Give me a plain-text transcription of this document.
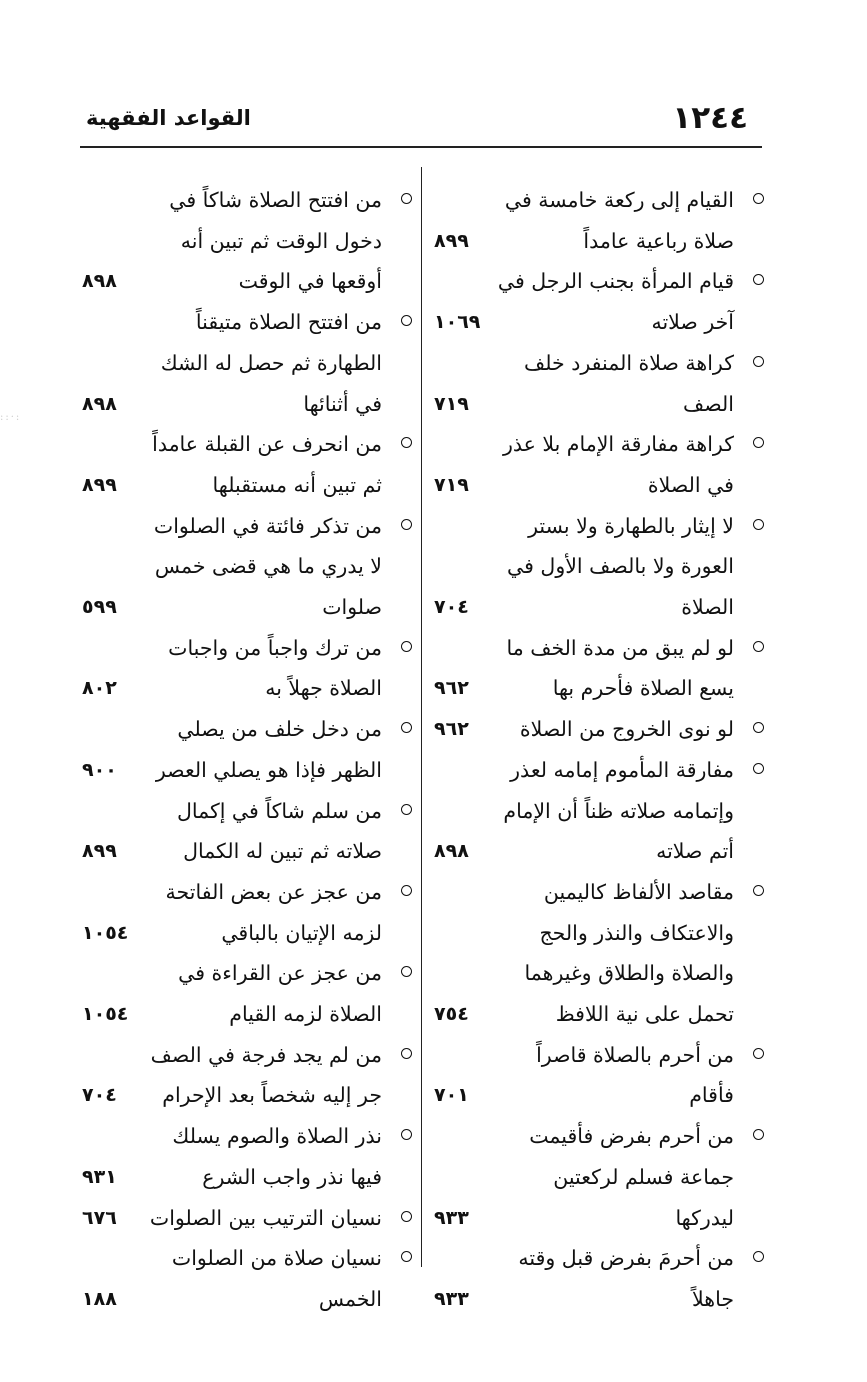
١٢٤٤
القواعد الفقهية
::·:
القيام إلى ركعة خامسة في صلاة رباعية عامداً
٨٩٩
قيام المرأة بجنب الرجل في آخر صلاته
١٠٦٩
كراهة صلاة المنفرد خلف الصف
٧١٩
كراهة مفارقة الإمام بلا عذر في الصلاة
٧١٩
لا إيثار بالطهارة ولا بستر العورة ولا بالصف الأول في الصلاة
٧٠٤
لو لم يبق من مدة الخف ما يسع الصلاة فأحرم بها
٩٦٢
لو نوى الخروج من الصلاة
٩٦٢
مفارقة المأموم إمامه لعذر وإتمامه صلاته ظناً أن الإمام أتم صلاته
٨٩٨
مقاصد الألفاظ كاليمين والاعتكاف والنذر والحج والصلاة والطلاق وغيرهما تحمل على نية اللافظ
٧٥٤
من أحرم بالصلاة قاصراً فأقام
٧٠١
من أحرم بفرض فأقيمت جماعة فسلم لركعتين ليدركها
٩٣٣
من أحرمَ بفرض قبل وقته جاهلاً
٩٣٣
من افتتح الصلاة شاكاً في دخول الوقت ثم تبين أنه أوقعها في الوقت
٨٩٨
من افتتح الصلاة متيقناً الطهارة ثم حصل له الشك في أثنائها
٨٩٨
من انحرف عن القبلة عامداً ثم تبين أنه مستقبلها
٨٩٩
من تذكر فائتة في الصلوات لا يدري ما هي قضى خمس صلوات
٥٩٩
من ترك واجباً من واجبات الصلاة جهلاً به
٨٠٢
من دخل خلف من يصلي الظهر فإذا هو يصلي العصر
٩٠٠
من سلم شاكاً في إكمال صلاته ثم تبين له الكمال
٨٩٩
من عجز عن بعض الفاتحة لزمه الإتيان بالباقي
١٠٥٤
من عجز عن القراءة في الصلاة لزمه القيام
١٠٥٤
من لم يجد فرجة في الصف جر إليه شخصاً بعد الإحرام
٧٠٤
نذر الصلاة والصوم يسلك فيها نذر واجب الشرع
٩٣١
نسيان الترتيب بين الصلوات
٦٧٦
نسيان صلاة من الصلوات الخمس
١٨٨
